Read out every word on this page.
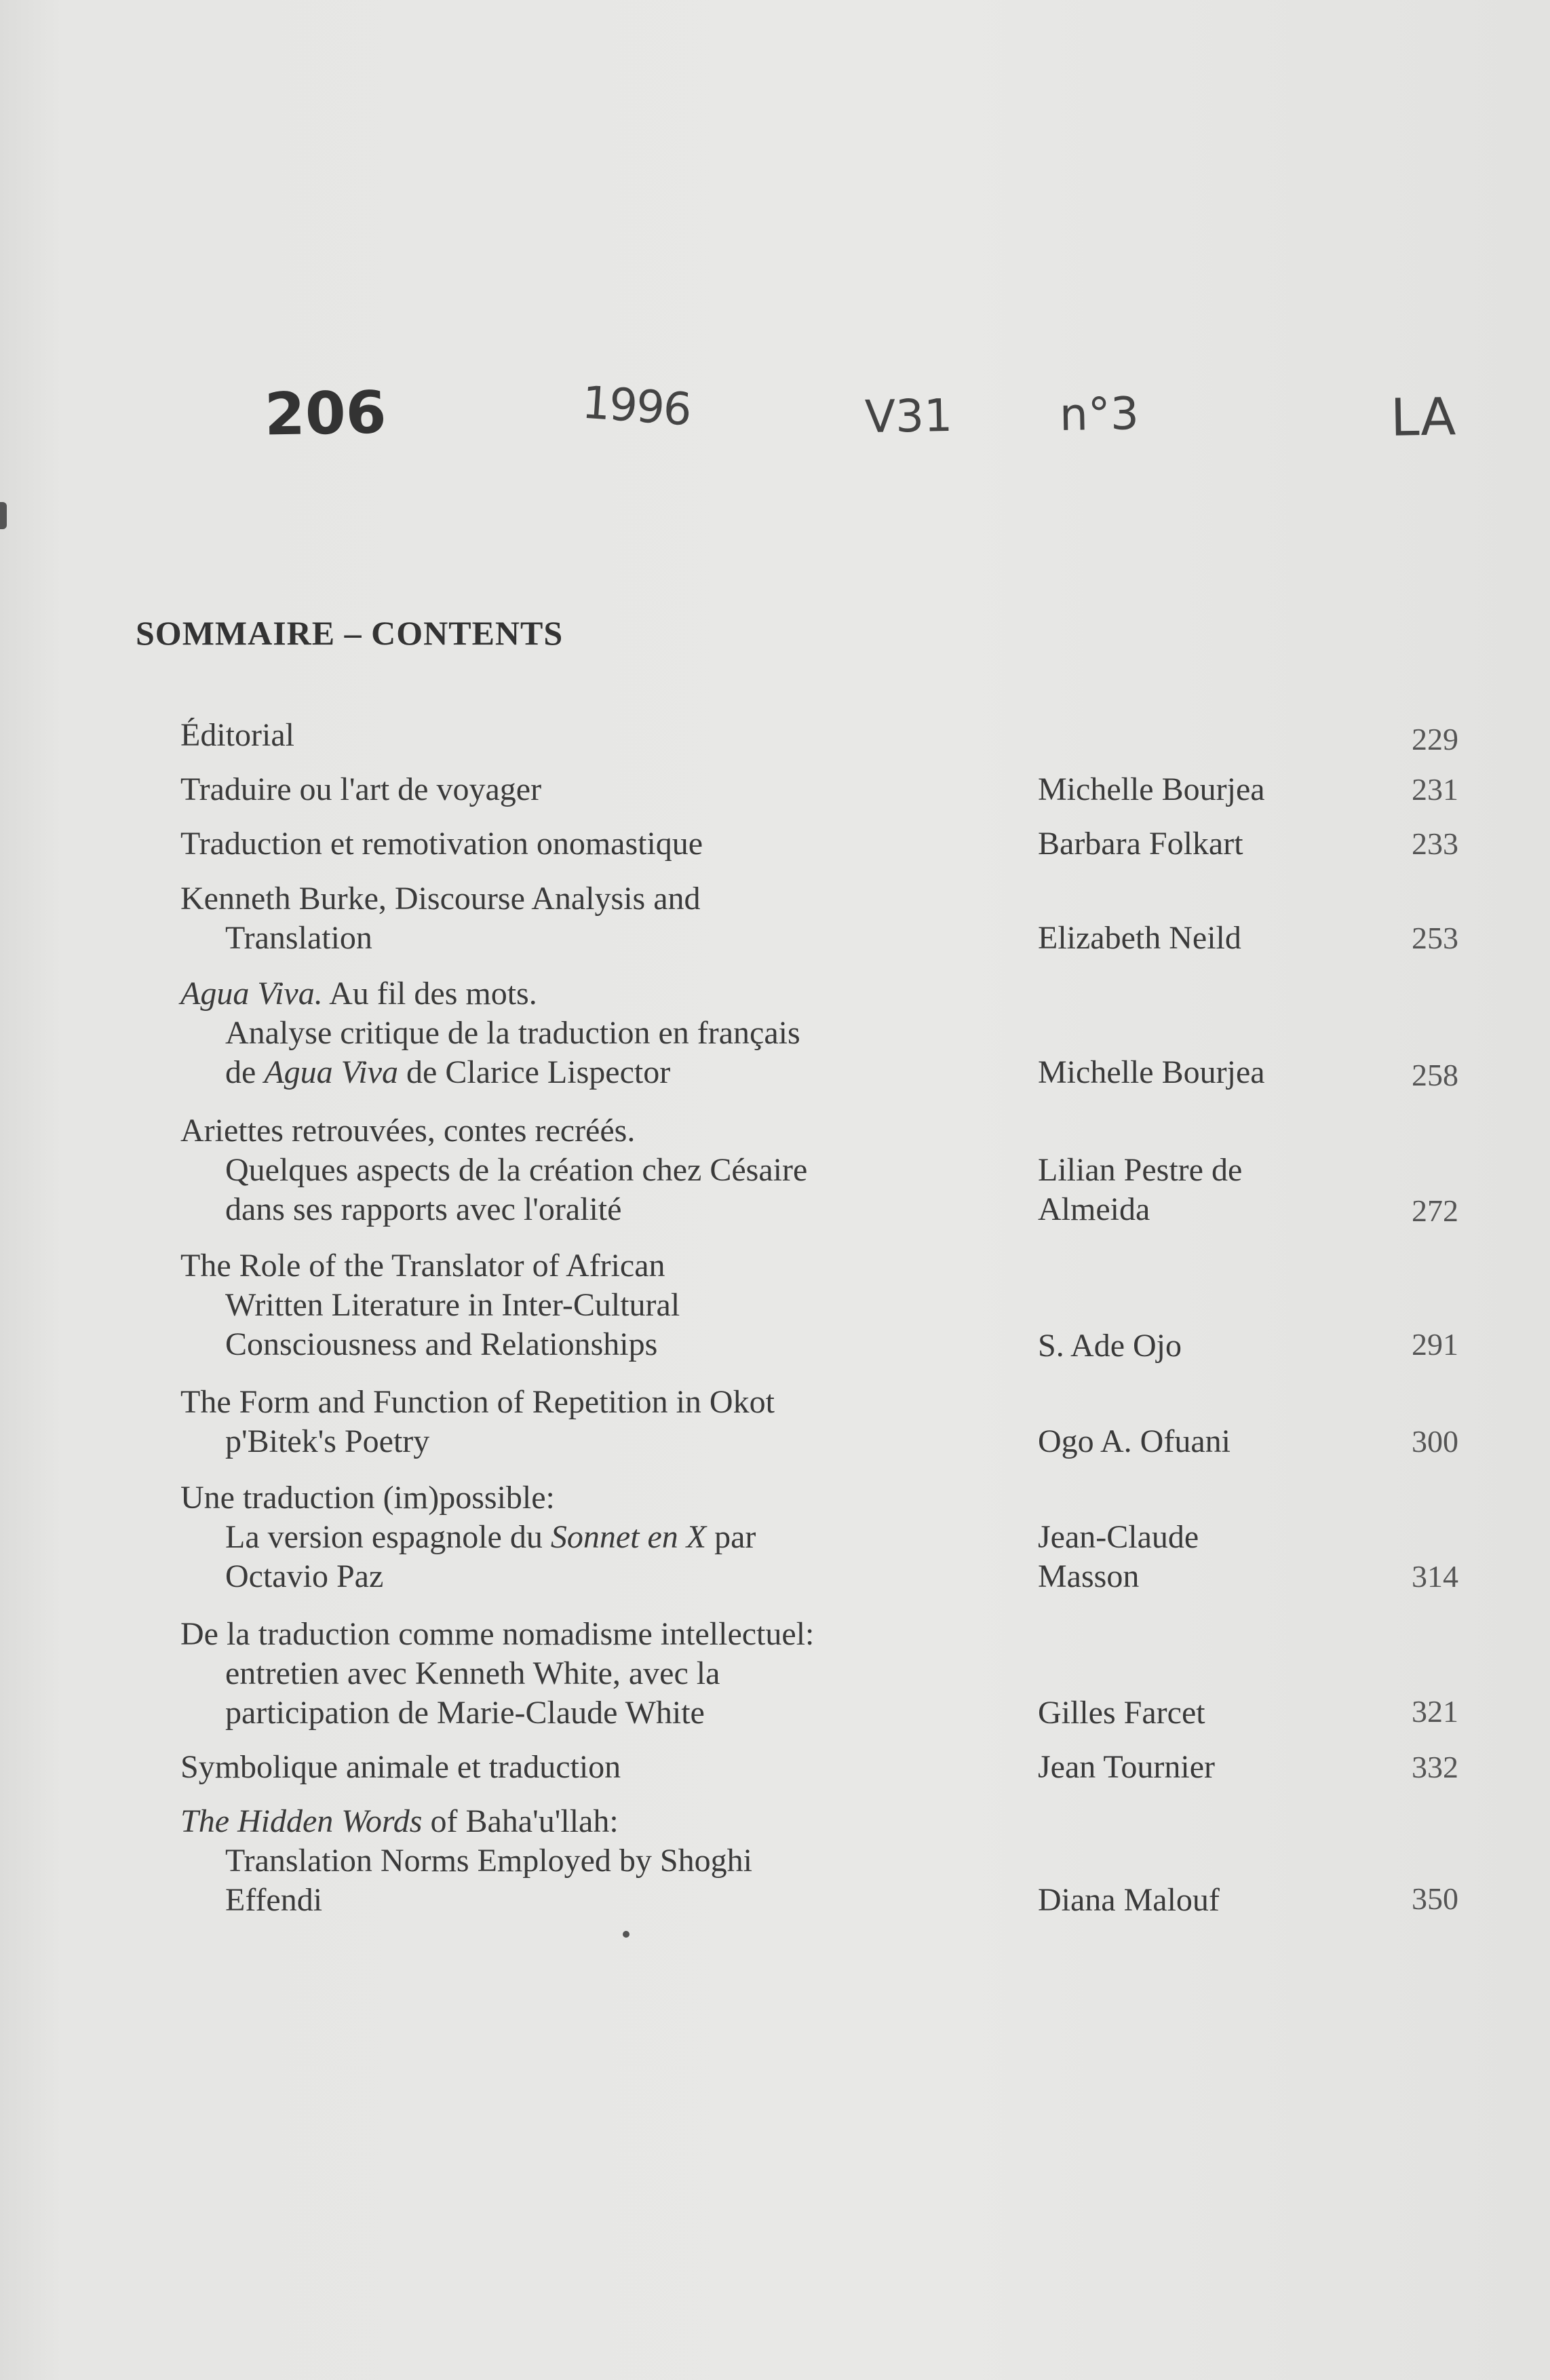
206	1996	V31 n°3	LA
SOMMAIRE – CONTENTS
Éditorial	229
Traduire ou l'art de voyager	Michelle Bourjea	231
Traduction et remotivation onomastique	Barbara Folkart	233
Kenneth Burke, Discourse Analysis and
Translation	Elizabeth Neild	253
Agua Viva. Au fil des mots.
Analyse critique de la traduction en français
de Agua Viva de Clarice Lispector	Michelle Bourjea	258
Ariettes retrouvées, contes recréés.
Quelques aspects de la création chez Césaire
dans ses rapports avec l'oralité
Lilian Pestre de
Almeida	272
The Role of the Translator of African
Written Literature in Inter-Cultural
Consciousness and Relationships	S. Ade Ojo	291
The Form and Function of Repetition in Okot
p'Bitek's Poetry	Ogo A. Ofuani	300
Une traduction (im)possible:
La version espagnole du Sonnet en X par
Octavio Paz
Jean-Claude
Masson	314
De la traduction comme nomadisme intellectuel:
entretien avec Kenneth White, avec la
participation de Marie-Claude White	Gilles Farcet	321
Symbolique animale et traduction	Jean Tournier	332
The Hidden Words of Baha'u'llah:
Translation Norms Employed by Shoghi
Effendi	Diana Malouf	350
